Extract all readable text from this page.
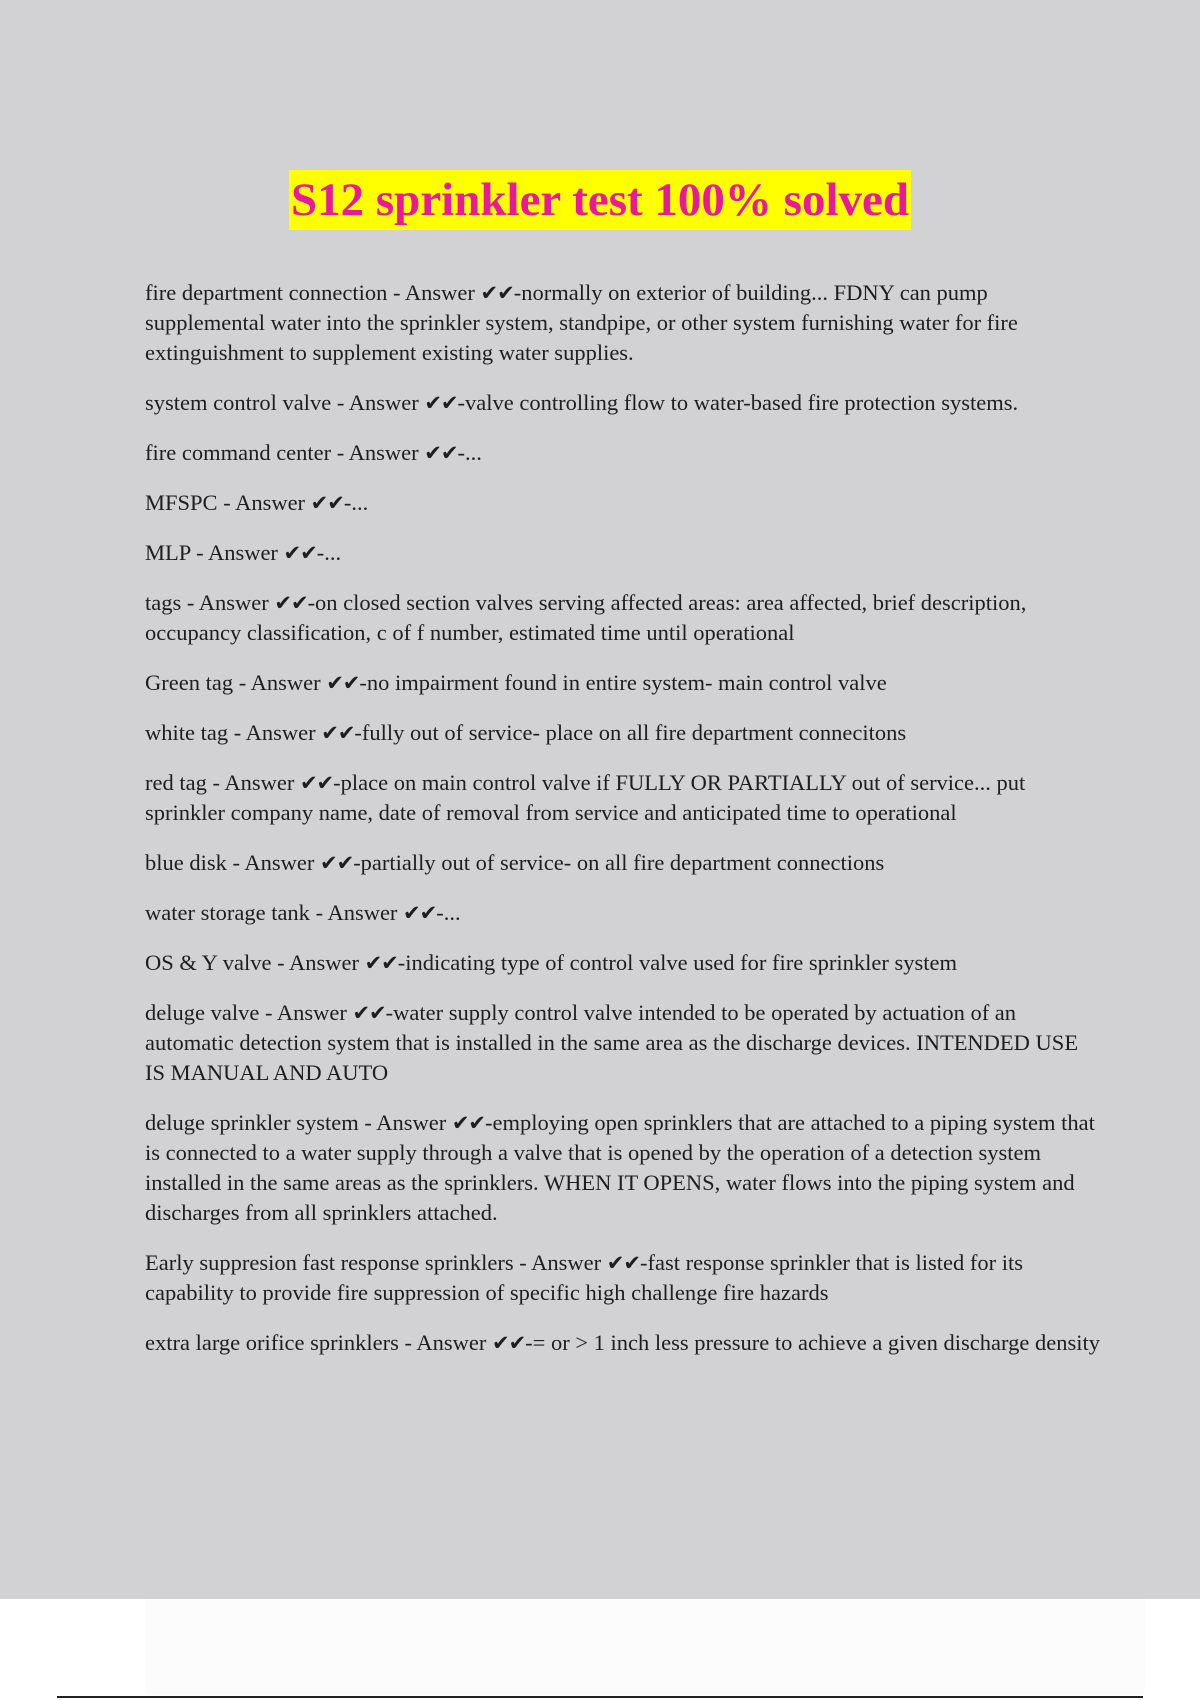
S12 sprinkler test 100% solved
fire department connection - Answer ✔✔-normally on exterior of building... FDNY can pump supplemental water into the sprinkler system, standpipe, or other system furnishing water for fire extinguishment to supplement existing water supplies.
system control valve - Answer ✔✔-valve controlling flow to water-based fire protection systems.
fire command center - Answer ✔✔-...
MFSPC - Answer ✔✔-...
MLP - Answer ✔✔-...
tags - Answer ✔✔-on closed section valves serving affected areas: area affected, brief description, occupancy classification, c of f number, estimated time until operational
Green tag - Answer ✔✔-no impairment found in entire system- main control valve
white tag - Answer ✔✔-fully out of service- place on all fire department connecitons
red tag - Answer ✔✔-place on main control valve if FULLY OR PARTIALLY out of service... put sprinkler company name, date of removal from service and anticipated time to operational
blue disk - Answer ✔✔-partially out of service- on all fire department connections
water storage tank - Answer ✔✔-...
OS & Y valve - Answer ✔✔-indicating type of control valve used for fire sprinkler system
deluge valve - Answer ✔✔-water supply control valve intended to be operated by actuation of an automatic detection system that is installed in the same area as the discharge devices. INTENDED USE IS MANUAL AND AUTO
deluge sprinkler system - Answer ✔✔-employing open sprinklers that are attached to a piping system that is connected to a water supply through a valve that is opened by the operation of a detection system installed in the same areas as the sprinklers. WHEN IT OPENS, water flows into the piping system and discharges from all sprinklers attached.
Early suppresion fast response sprinklers - Answer ✔✔-fast response sprinkler that is listed for its capability to provide fire suppression of specific high challenge fire hazards
extra large orifice sprinklers - Answer ✔✔-= or > 1 inch less pressure to achieve a given discharge density
